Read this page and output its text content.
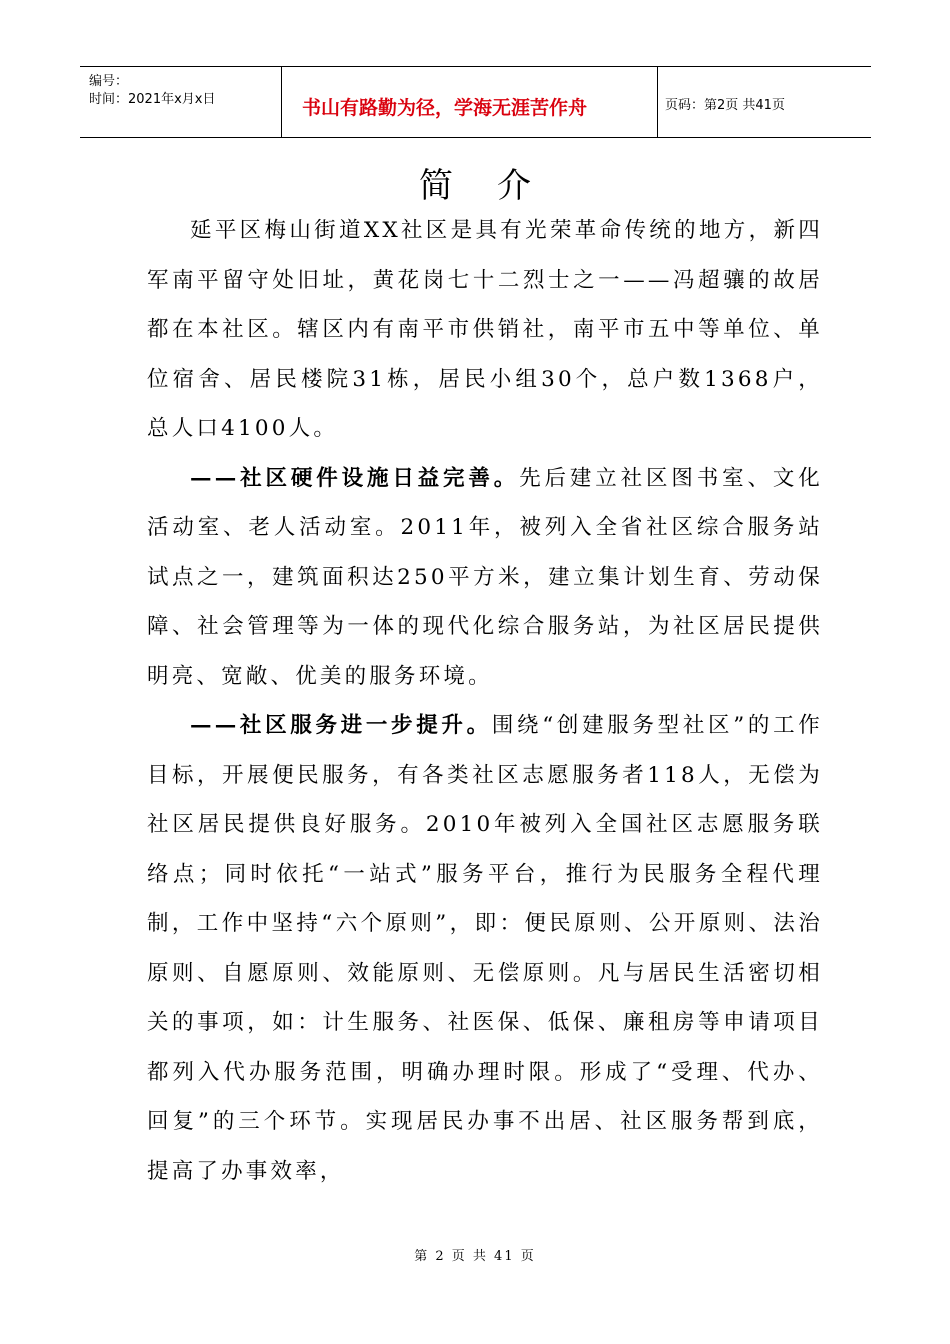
编号：
时间：2021年x月x日	书山有路勤为径，学海无涯苦作舟	页码：第2页 共41页
简介

延平区梅山街道XX社区是具有光荣革命传统的地方，新四军南平留守处旧址，黄花岗七十二烈士之一——冯超骧的故居都在本社区。辖区内有南平市供销社，南平市五中等单位、单位宿舍、居民楼院31栋，居民小组30个，总户数1368户，总人口4100人。

——社区硬件设施日益完善。先后建立社区图书室、文化活动室、老人活动室。2011年，被列入全省社区综合服务站试点之一，建筑面积达250平方米，建立集计划生育、劳动保障、社会管理等为一体的现代化综合服务站，为社区居民提供明亮、宽敞、优美的服务环境。

——社区服务进一步提升。围绕“创建服务型社区”的工作目标，开展便民服务，有各类社区志愿服务者118人，无偿为社区居民提供良好服务。2010年被列入全国社区志愿服务联络点；同时依托“一站式”服务平台，推行为民服务全程代理制，工作中坚持“六个原则”，即：便民原则、公开原则、法治原则、自愿原则、效能原则、无偿原则。凡与居民生活密切相关的事项，如：计生服务、社医保、低保、廉租房等申请项目都列入代办服务范围，明确办理时限。形成了“受理、代办、回复”的三个环节。实现居民办事不出居、社区服务帮到底，提高了办事效率，

第 2 页 共 41 页
